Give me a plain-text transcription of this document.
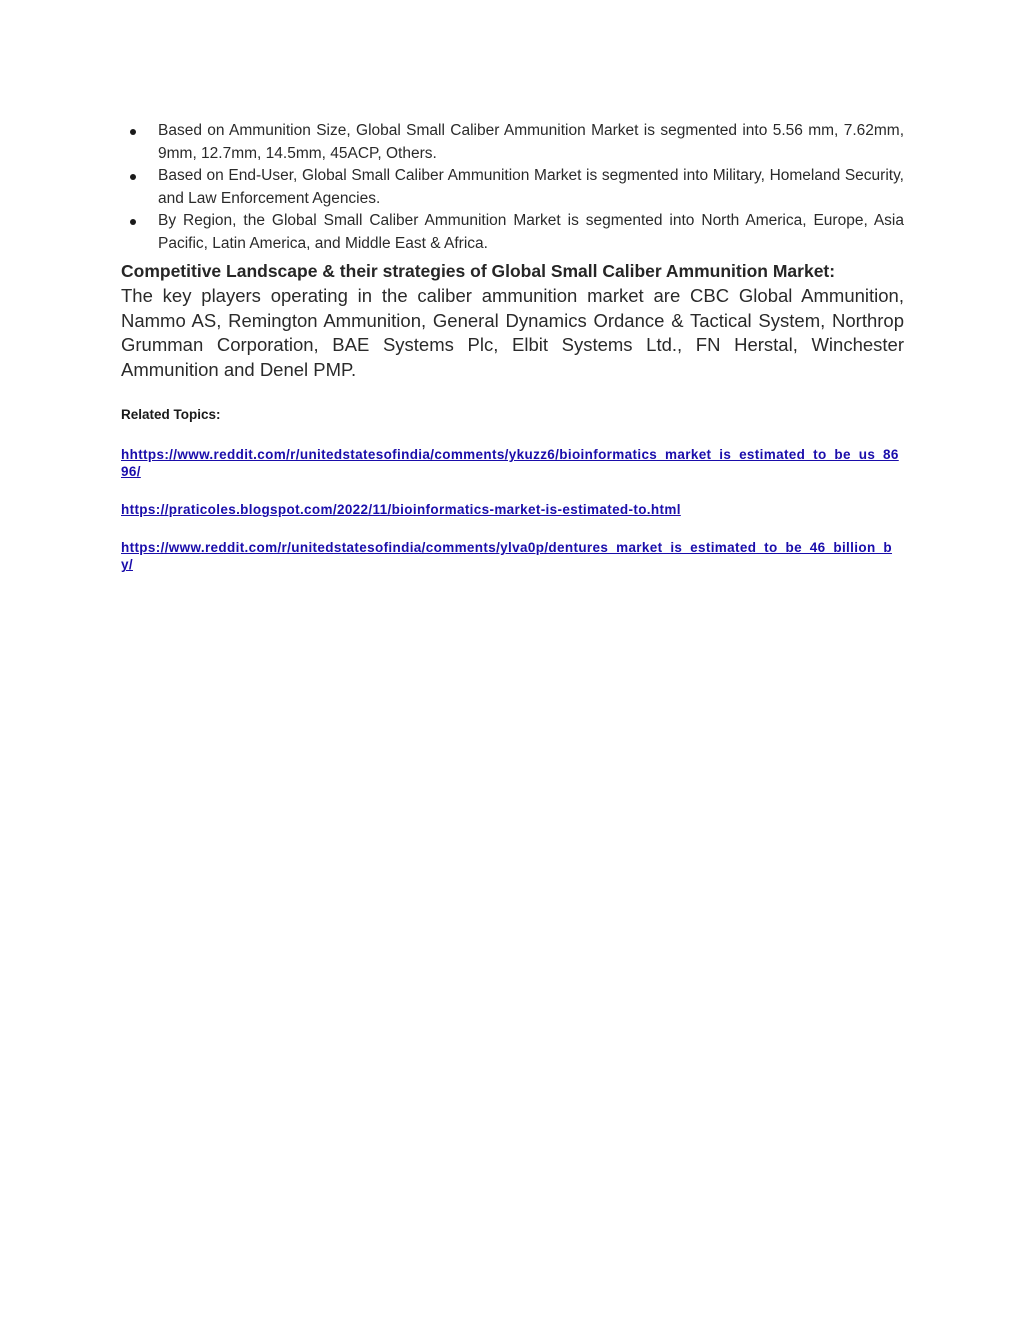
Based on Ammunition Size, Global Small Caliber Ammunition Market is segmented into 5.56 mm, 7.62mm, 9mm, 12.7mm, 14.5mm, 45ACP, Others.
Based on End-User, Global Small Caliber Ammunition Market is segmented into Military, Homeland Security, and Law Enforcement Agencies.
By Region, the Global Small Caliber Ammunition Market is segmented into North America, Europe, Asia Pacific, Latin America, and Middle East & Africa.
Competitive Landscape & their strategies of Global Small Caliber Ammunition Market:

The key players operating in the caliber ammunition market are CBC Global Ammunition, Nammo AS, Remington Ammunition, General Dynamics Ordance & Tactical System, Northrop Grumman Corporation, BAE Systems Plc, Elbit Systems Ltd., FN Herstal, Winchester Ammunition and Denel PMP.

Related Topics:
hhttps://www.reddit.com/r/unitedstatesofindia/comments/ykuzz6/bioinformatics_market_is_estimated_to_be_us_8696/
https://praticoles.blogspot.com/2022/11/bioinformatics-market-is-estimated-to.html
https://www.reddit.com/r/unitedstatesofindia/comments/ylva0p/dentures_market_is_estimated_to_be_46_billion_by/
